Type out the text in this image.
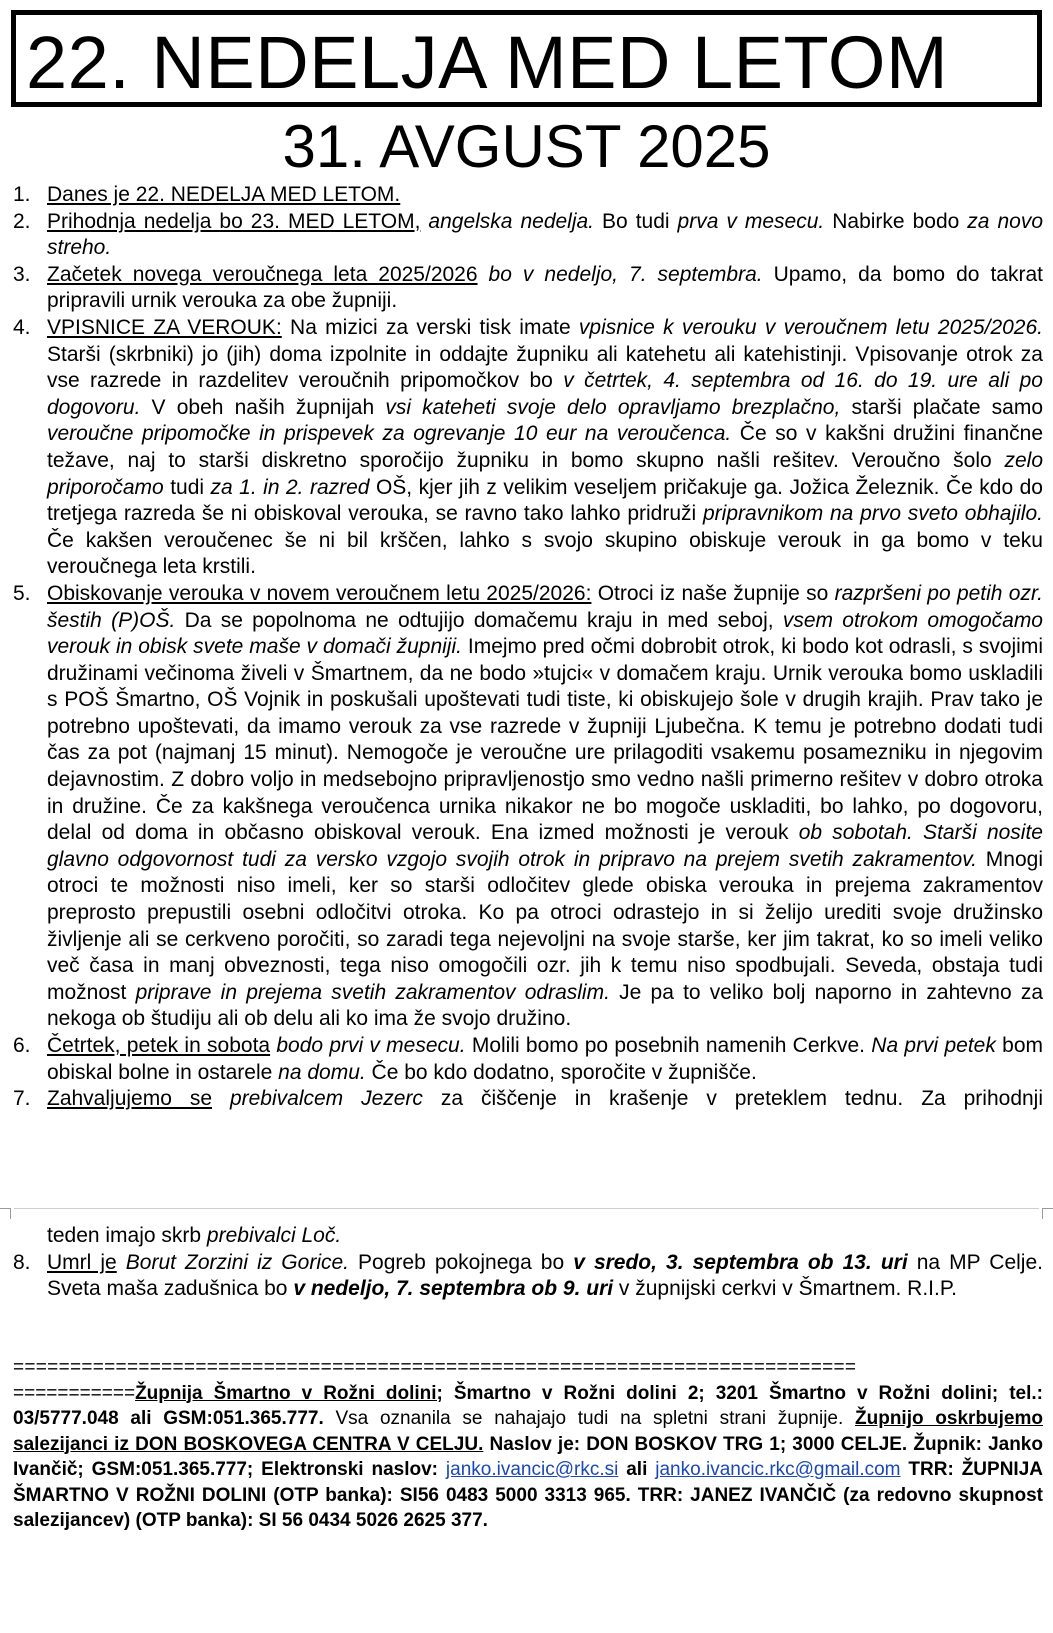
22. NEDELJA MED LETOM
31. AVGUST 2025
1. Danes je 22. NEDELJA MED LETOM.
2. Prihodnja nedelja bo 23. MED LETOM, angelska nedelja. Bo tudi prva v mesecu. Nabirke bodo za novo streho.
3. Začetek novega veroučnega leta 2025/2026 bo v nedeljo, 7. septembra. Upamo, da bomo do takrat pripravili urnik verouka za obe župniji.
4. VPISNICE ZA VEROUK: Na mizici za verski tisk imate vpisnice k verouku v veroučnem letu 2025/2026. Starši (skrbniki) jo (jih) doma izpolnite in oddajte župniku ali katehetu ali katehistinji. Vpisovanje otrok za vse razrede in razdelitev veroučnih pripomočkov bo v četrtek, 4. septembra od 16. do 19. ure ali po dogovoru. V obeh naših župnijah vsi kateheti svoje delo opravljamo brezplačno, starši plačate samo veroučne pripomočke in prispevek za ogrevanje 10 eur na veroučenca. Če so v kakšni družini finančne težave, naj to starši diskretno sporočijo župniku in bomo skupno našli rešitev. Veroučno šolo zelo priporočamo tudi za 1. in 2. razred OŠ, kjer jih z velikim veseljem pričakuje ga. Jožica Železnik. Če kdo do tretjega razreda še ni obiskoval verouka, se ravno tako lahko pridruži pripravnikom na prvo sveto obhajilo. Če kakšen veroučenec še ni bil krščen, lahko s svojo skupino obiskuje verouk in ga bomo v teku veroučnega leta krstili.
5. Obiskovanje verouka v novem veroučnem letu 2025/2026: Otroci iz naše župnije so razpršeni po petih ozr. šestih (P)OŠ. Da se popolnoma ne odtujijo domačemu kraju in med seboj, vsem otrokom omogočamo verouk in obisk svete maše v domači župniji. Imejmo pred očmi dobrobit otrok, ki bodo kot odrasli, s svojimi družinami večinoma živeli v Šmartnem, da ne bodo »tujci« v domačem kraju. Urnik verouka bomo uskladili s POŠ Šmartno, OŠ Vojnik in poskušali upoštevati tudi tiste, ki obiskujejo šole v drugih krajih. Prav tako je potrebno upoštevati, da imamo verouk za vse razrede v župniji Ljubečna. K temu je potrebno dodati tudi čas za pot (najmanj 15 minut). Nemogoče je veroučne ure prilagoditi vsakemu posamezniku in njegovim dejavnostim. Z dobro voljo in medsebojno pripravljenostjo smo vedno našli primerno rešitev v dobro otroka in družine. Če za kakšnega veroučenca urnika nikakor ne bo mogoče uskladiti, bo lahko, po dogovoru, delal od doma in občasno obiskoval verouk. Ena izmed možnosti je verouk ob sobotah. Starši nosite glavno odgovornost tudi za versko vzgojo svojih otrok in pripravo na prejem svetih zakramentov. Mnogi otroci te možnosti niso imeli, ker so starši odločitev glede obiska verouka in prejema zakramentov preprosto prepustili osebni odločitvi otroka. Ko pa otroci odrastejo in si želijo urediti svoje družinsko življenje ali se cerkveno poročiti, so zaradi tega nejevoljni na svoje starše, ker jim takrat, ko so imeli veliko več časa in manj obveznosti, tega niso omogočili ozr. jih k temu niso spodbujali. Seveda, obstaja tudi možnost priprave in prejema svetih zakramentov odraslim. Je pa to veliko bolj naporno in zahtevno za nekoga ob študiju ali ob delu ali ko ima že svojo družino.
6. Četrtek, petek in sobota bodo prvi v mesecu. Molili bomo po posebnih namenih Cerkve. Na prvi petek bom obiskal bolne in ostarele na domu. Če bo kdo dodatno, sporočite v župnišče.
7. Zahvaljujemo se prebivalcem Jezerc za čiščenje in krašenje v preteklem tednu. Za prihodnji
teden imajo skrb prebivalci Loč.
8. Umrl je Borut Zorzini iz Gorice. Pogreb pokojnega bo v sredo, 3. septembra ob 13. uri na MP Celje. Sveta maša zadušnica bo v nedeljo, 7. septembra ob 9. uri v župnijski cerkvi v Šmartnem. R.I.P.
==========================================================================
===========Župnija Šmartno v Rožni dolini; Šmartno v Rožni dolini 2; 3201 Šmartno v Rožni dolini; tel.: 03/5777.048 ali GSM:051.365.777. Vsa oznanila se nahajajo tudi na spletni strani župnije. Župnijo oskrbujemo salezijanci iz DON BOSKOVEGA CENTRA V CELJU. Naslov je: DON BOSKOV TRG 1; 3000 CELJE. Župnik: Janko Ivančič; GSM:051.365.777; Elektronski naslov: janko.ivancic@rkc.si ali janko.ivancic.rkc@gmail.com TRR: ŽUPNIJA ŠMARTNO V ROŽNI DOLINI (OTP banka): SI56 0483 5000 3313 965. TRR: JANEZ IVANČIČ (za redovno skupnost salezijancev) (OTP banka): SI 56 0434 5026 2625 377.
